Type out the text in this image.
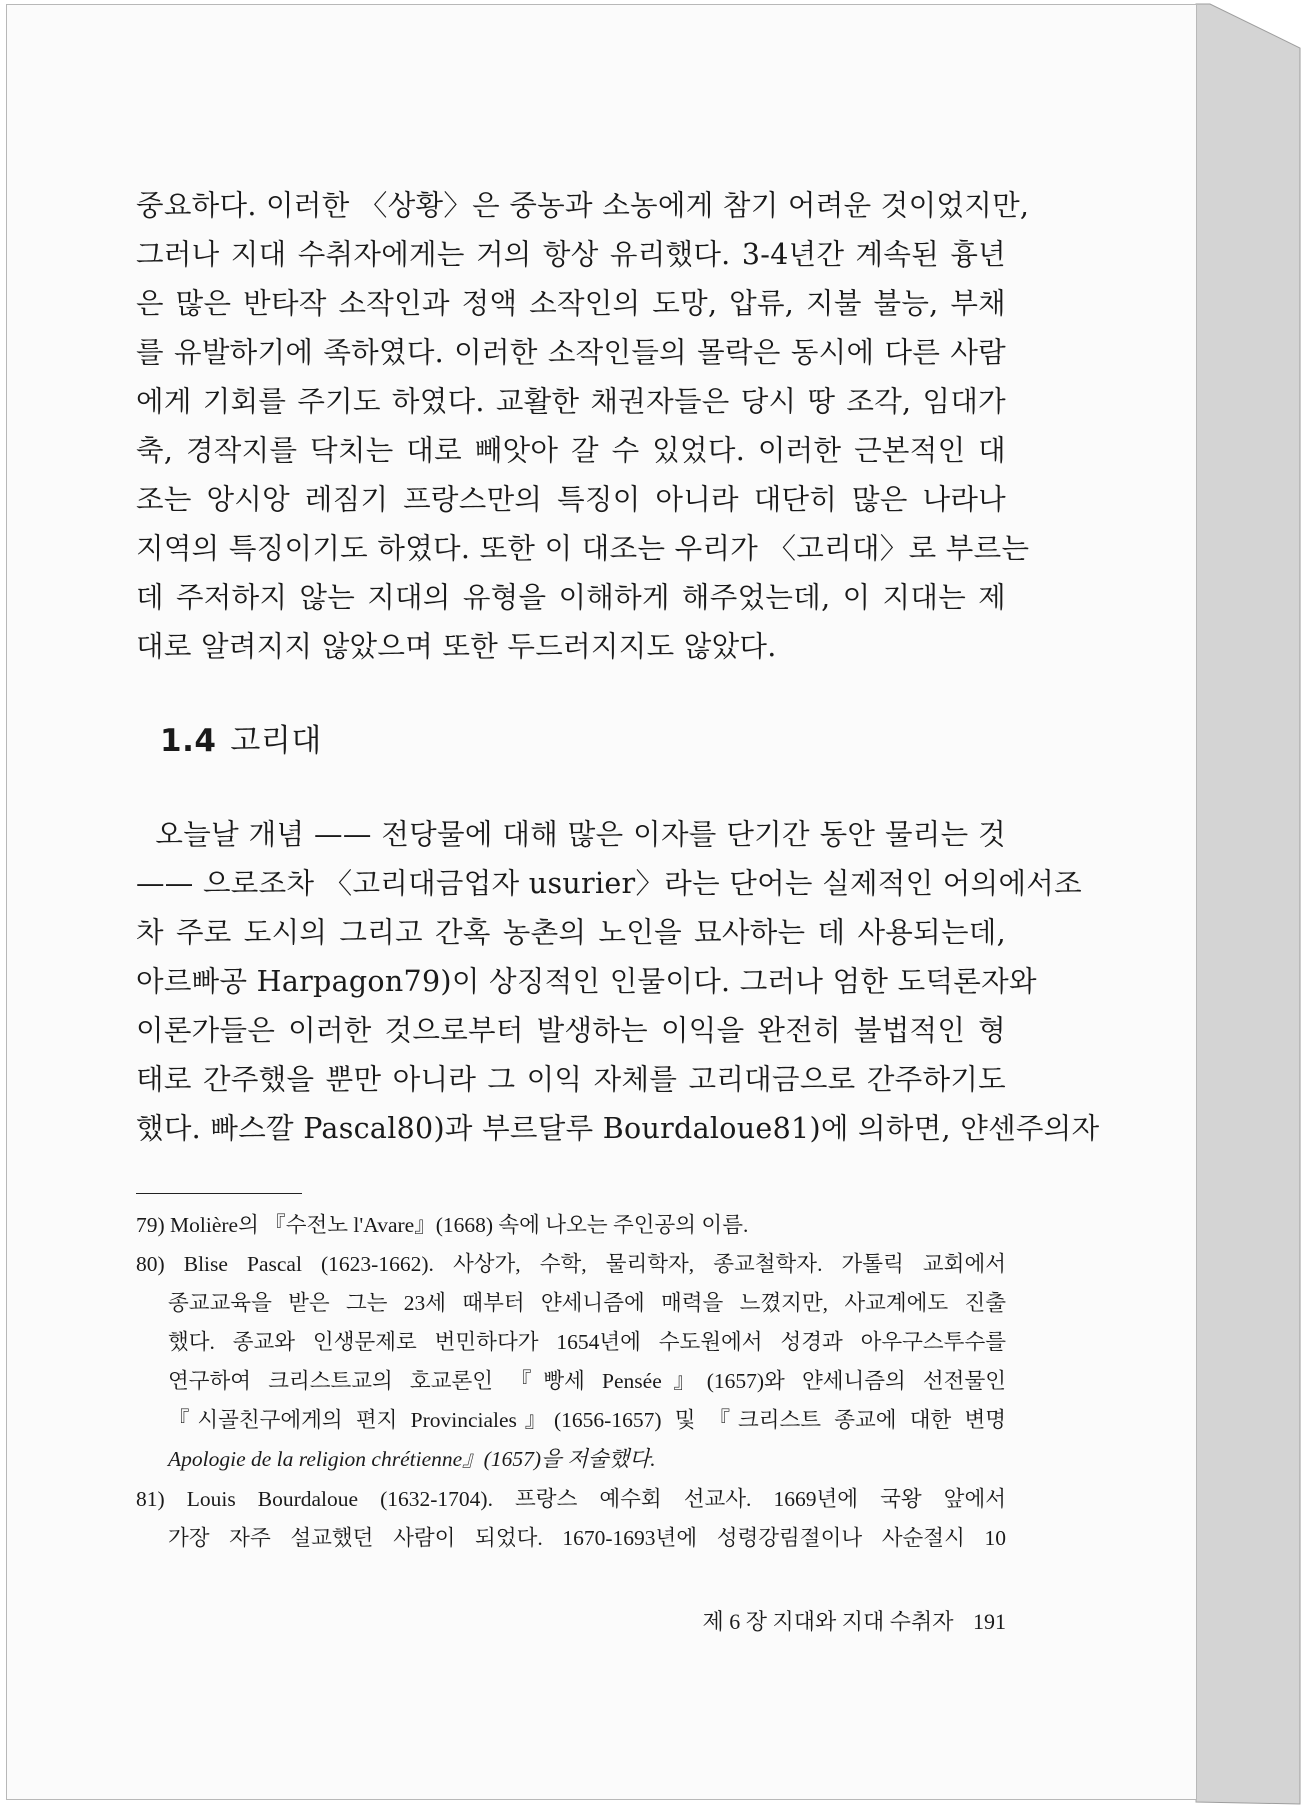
중요하다. 이러한 〈상황〉은 중농과 소농에게 참기 어려운 것이었지만,
그러나 지대 수취자에게는 거의 항상 유리했다. 3-4년간 계속된 흉년
은 많은 반타작 소작인과 정액 소작인의 도망, 압류, 지불 불능, 부채
를 유발하기에 족하였다. 이러한 소작인들의 몰락은 동시에 다른 사람
에게 기회를 주기도 하였다. 교활한 채권자들은 당시 땅 조각, 임대가
축, 경작지를 닥치는 대로 빼앗아 갈 수 있었다. 이러한 근본적인 대
조는 앙시앙 레짐기 프랑스만의 특징이 아니라 대단히 많은 나라나
지역의 특징이기도 하였다. 또한 이 대조는 우리가 〈고리대〉로 부르는
데 주저하지 않는 지대의 유형을 이해하게 해주었는데, 이 지대는 제
대로 알려지지 않았으며 또한 두드러지지도 않았다.
1.4 고리대
오늘날 개념 —— 전당물에 대해 많은 이자를 단기간 동안 물리는 것
—— 으로조차 〈고리대금업자 usurier〉라는 단어는 실제적인 어의에서조
차 주로 도시의 그리고 간혹 농촌의 노인을 묘사하는 데 사용되는데,
아르빠공 Harpagon79)이 상징적인 인물이다. 그러나 엄한 도덕론자와
이론가들은 이러한 것으로부터 발생하는 이익을 완전히 불법적인 형
태로 간주했을 뿐만 아니라 그 이익 자체를 고리대금으로 간주하기도
했다. 빠스깔 Pascal80)과 부르달루 Bourdaloue81)에 의하면, 얀센주의자
79) Molière의 『수전노 l'Avare』(1668) 속에 나오는 주인공의 이름.
80) Blise Pascal (1623-1662). 사상가, 수학, 물리학자, 종교철학자. 가톨릭 교회에서
종교교육을 받은 그는 23세 때부터 얀세니즘에 매력을 느꼈지만, 사교계에도 진출
했다. 종교와 인생문제로 번민하다가 1654년에 수도원에서 성경과 아우구스투수를
연구하여 크리스트교의 호교론인 『빵세 Pensée』(1657)와 얀세니즘의 선전물인
『시골친구에게의 편지 Provinciales』(1656-1657) 및 『크리스트 종교에 대한 변명
Apologie de la religion chrétienne』(1657)을 저술했다.
81) Louis Bourdaloue (1632-1704). 프랑스 예수회 선교사. 1669년에 국왕 앞에서
가장 자주 설교했던 사람이 되었다. 1670-1693년에 성령강림절이나 사순절시 10
제 6 장 지대와 지대 수취자 191
